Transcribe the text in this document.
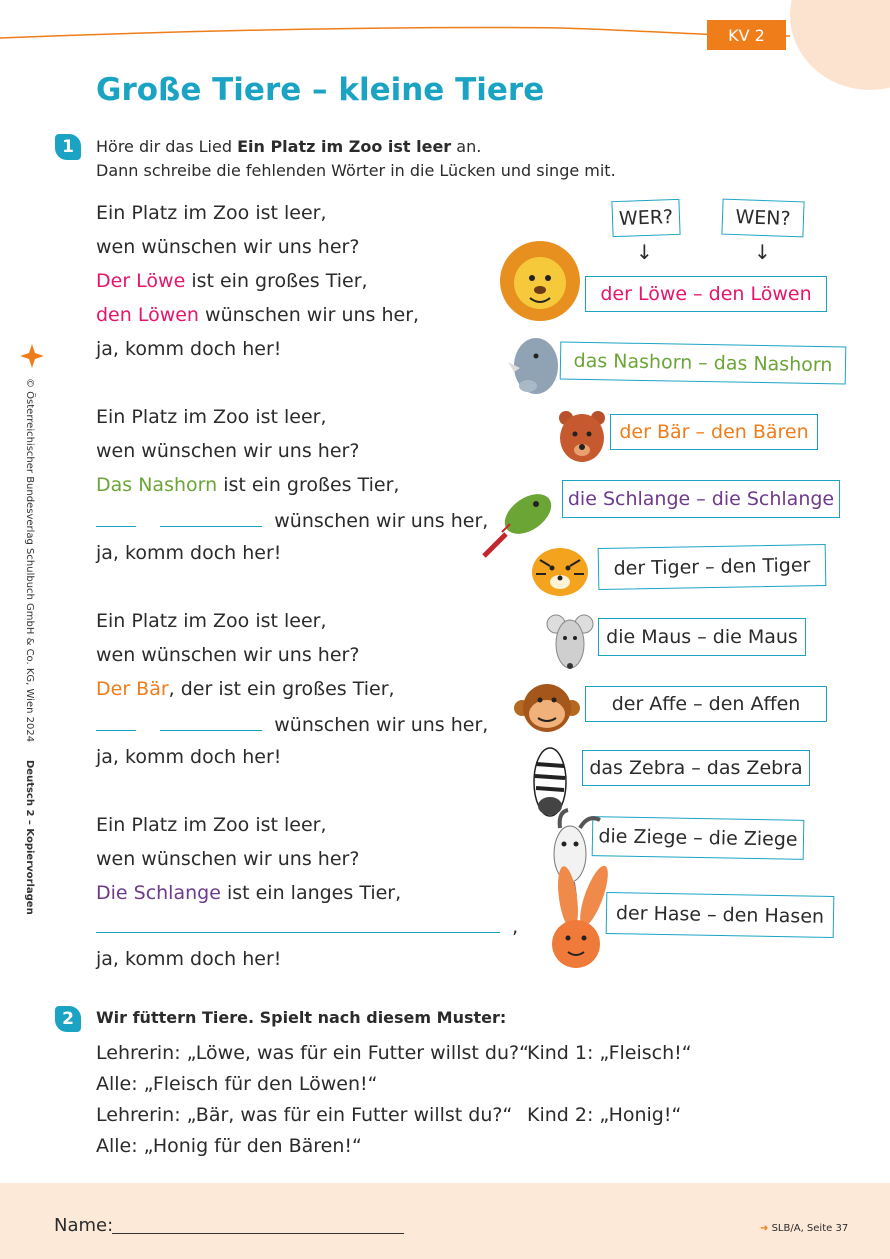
KV 2
Große Tiere – kleine Tiere
1	Höre dir das Lied Ein Platz im Zoo ist leer an.
Dann schreibe die fehlenden Wörter in die Lücken und singe mit.
Ein Platz im Zoo ist leer,
wen wünschen wir uns her?
Der Löwe ist ein großes Tier,
den Löwen wünschen wir uns her,
ja, komm doch her!
Ein Platz im Zoo ist leer,
wen wünschen wir uns her?
Das Nashorn ist ein großes Tier,
wünschen wir uns her,
ja, komm doch her!
Ein Platz im Zoo ist leer,
wen wünschen wir uns her?
Der Bär, der ist ein großes Tier,
wünschen wir uns her,
ja, komm doch her!
Ein Platz im Zoo ist leer,
wen wünschen wir uns her?
Die Schlange ist ein langes Tier,
,
ja, komm doch her!
WER?	WEN?
↓	↓
der Löwe – den Löwen
das Nashorn – das Nashorn
der Bär – den Bären
die Schlange – die Schlange
der Tiger – den Tiger
die Maus – die Maus
der Affe – den Affen
das Zebra – das Zebra
die Ziege – die Ziege
der Hase – den Hasen
© Österreichischer Bundesverlag Schulbuch GmbH & Co. KG, Wien 2024
Deutsch 2 – Kopiervorlagen
2	Wir füttern Tiere. Spielt nach diesem Muster:
Lehrerin: „Löwe, was für ein Futter willst du?“
Kind 1: „Fleisch!“
Alle: „Fleisch für den Löwen!“
Lehrerin: „Bär, was für ein Futter willst du?“ Kind 2: „Honig!“
Alle: „Honig für den Bären!“
Name:	➜ SLB/A, Seite 37
